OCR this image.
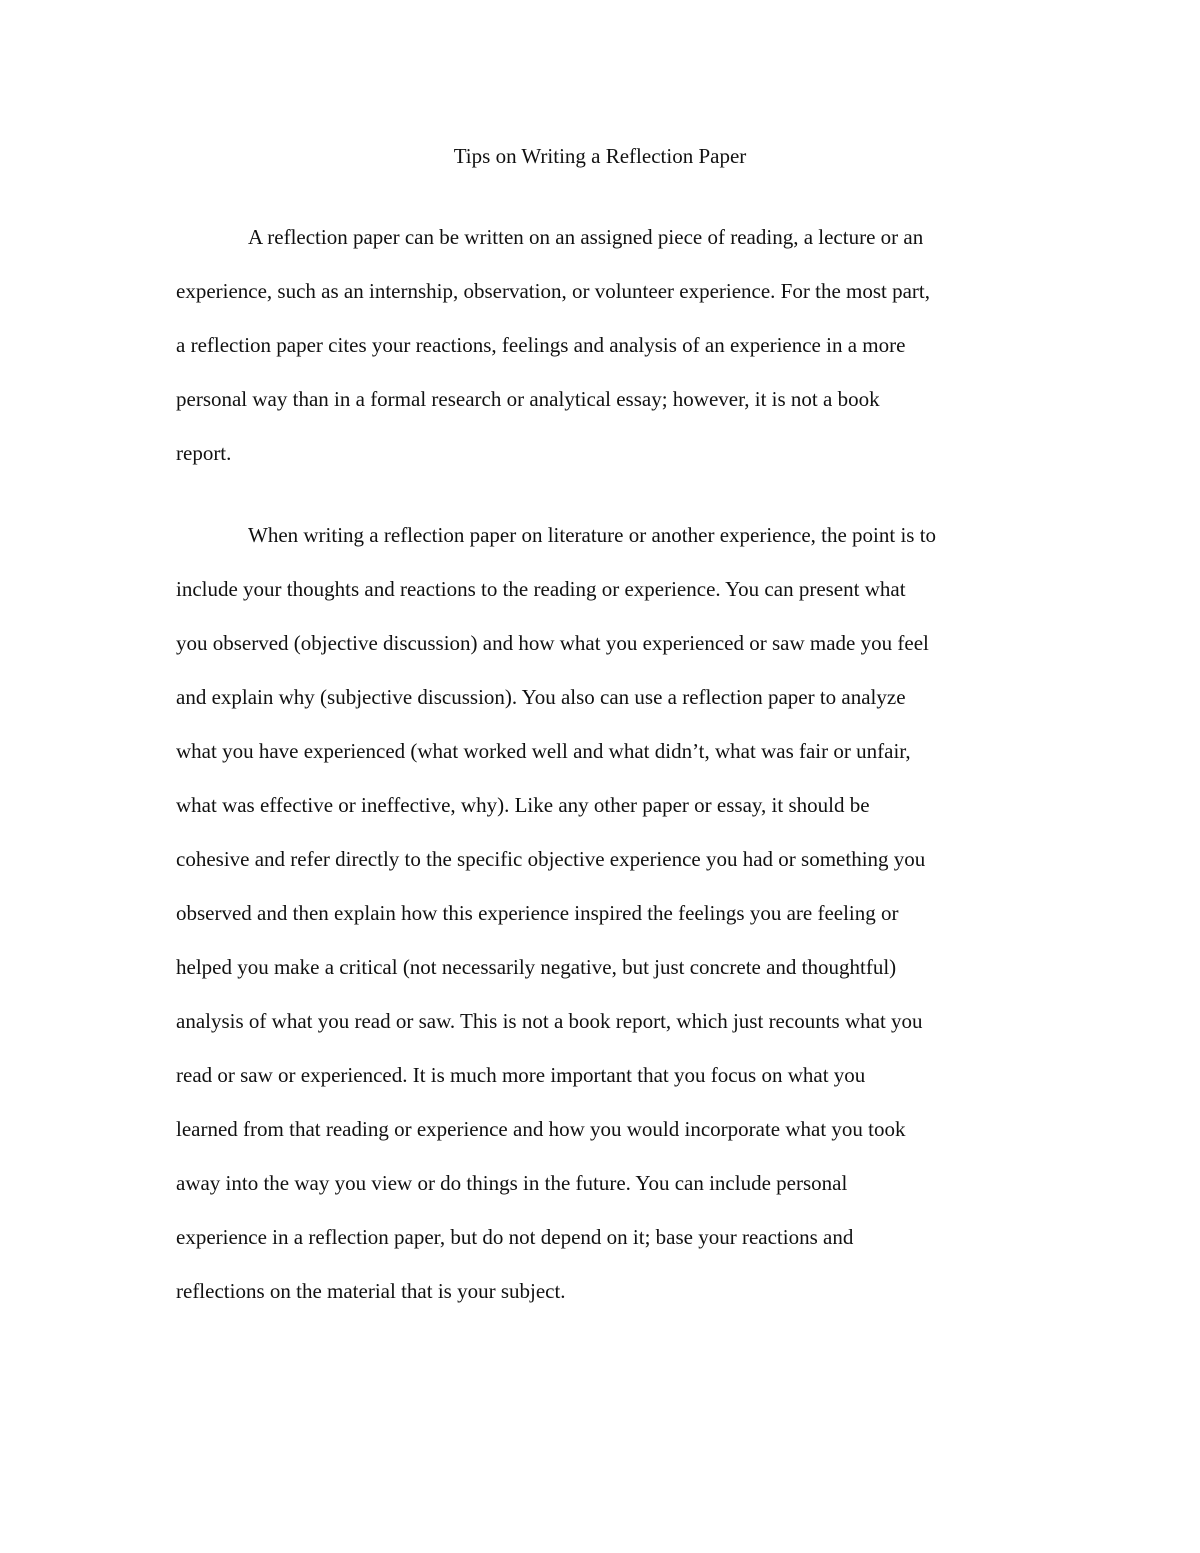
Tips on Writing a Reflection Paper
A reflection paper can be written on an assigned piece of reading, a lecture or an
experience, such as an internship, observation, or volunteer experience. For the most part,
a reflection paper cites your reactions, feelings and analysis of an experience in a more
personal way than in a formal research or analytical essay; however, it is not a book
report.
When writing a reflection paper on literature or another experience, the point is to
include your thoughts and reactions to the reading or experience. You can present what
you observed (objective discussion) and how what you experienced or saw made you feel
and explain why (subjective discussion). You also can use a reflection paper to analyze
what you have experienced (what worked well and what didn’t, what was fair or unfair,
what was effective or ineffective, why). Like any other paper or essay, it should be
cohesive and refer directly to the specific objective experience you had or something you
observed and then explain how this experience inspired the feelings you are feeling or
helped you make a critical (not necessarily negative, but just concrete and thoughtful)
analysis of what you read or saw. This is not a book report, which just recounts what you
read or saw or experienced. It is much more important that you focus on what you
learned from that reading or experience and how you would incorporate what you took
away into the way you view or do things in the future. You can include personal
experience in a reflection paper, but do not depend on it; base your reactions and
reflections on the material that is your subject.
